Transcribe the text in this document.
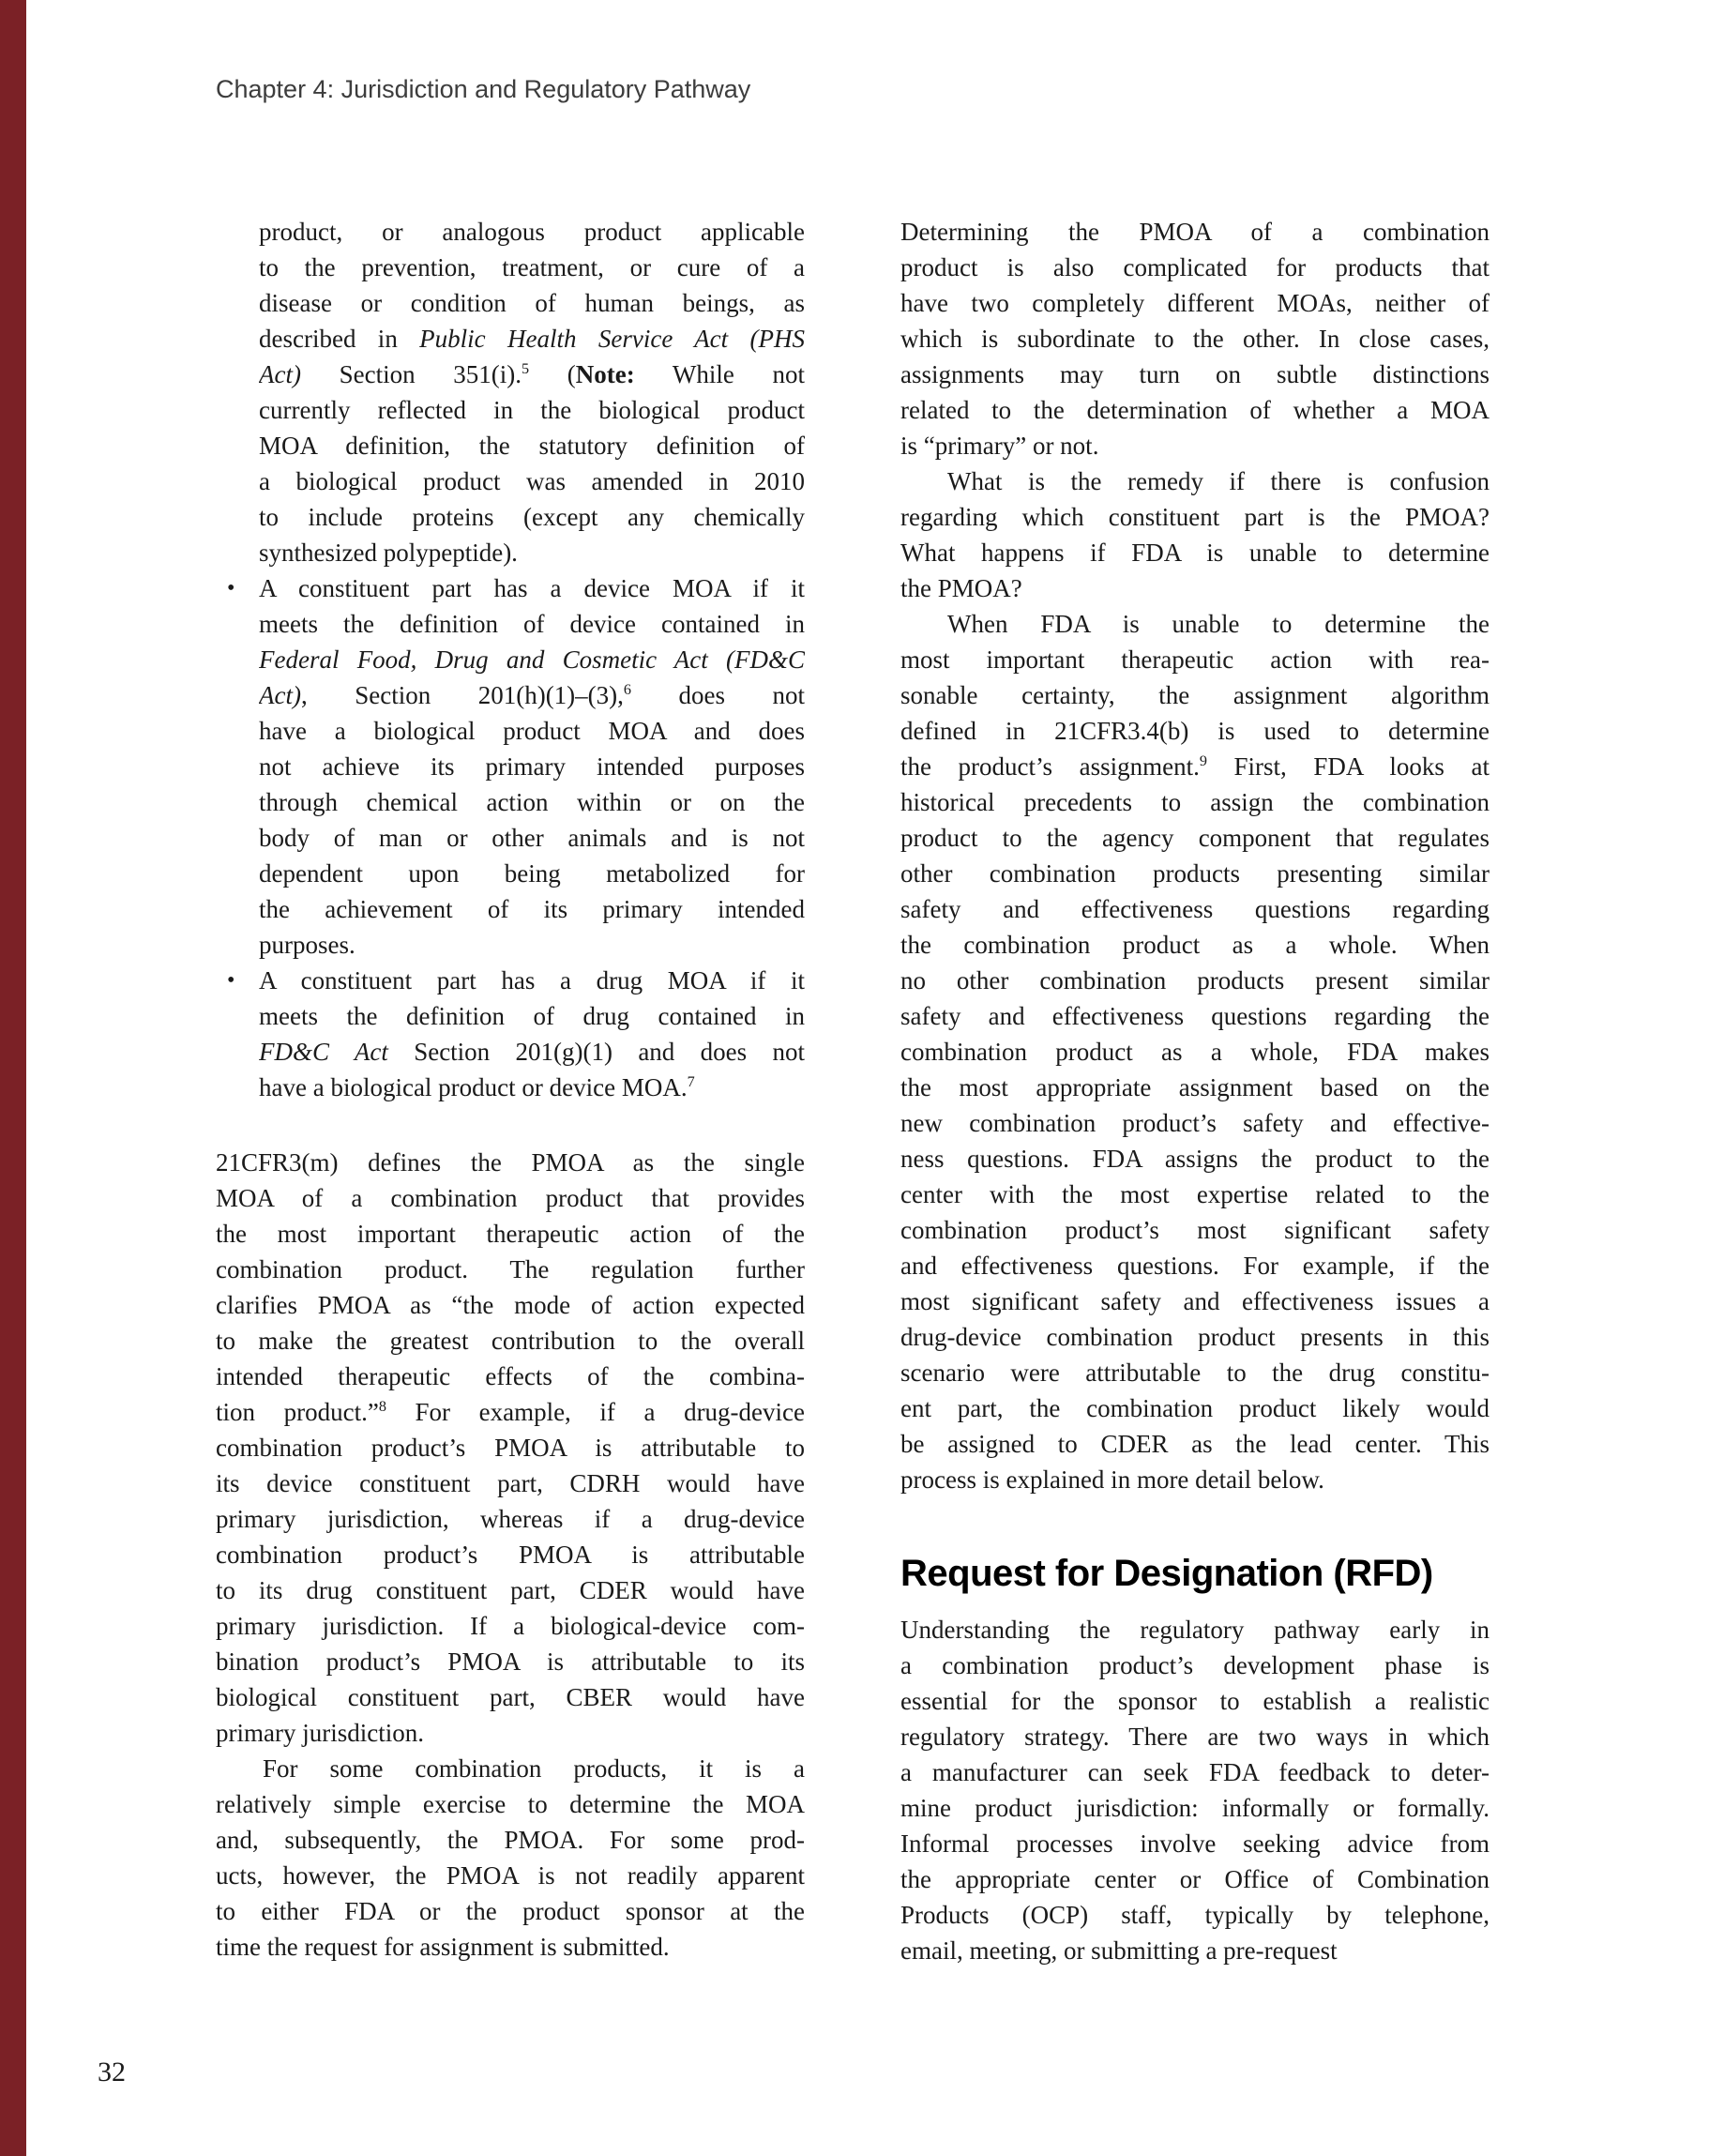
Chapter 4: Jurisdiction and Regulatory Pathway
product, or analogous product applicable
to the prevention, treatment, or cure of a
disease or condition of human beings, as
described in Public Health Service Act (PHS
Act) Section 351(i).$^5$ (Note: While not
currently reflected in the biological product
MOA definition, the statutory definition of
a biological product was amended in 2010
to include proteins (except any chemically
synthesized polypeptide).
• A constituent part has a device MOA if it
meets the definition of device contained in
Federal Food, Drug and Cosmetic Act (FD&C
Act), Section 201(h)(1)–(3),$^6$ does not
have a biological product MOA and does
not achieve its primary intended purposes
through chemical action within or on the
body of man or other animals and is not
dependent upon being metabolized for
the achievement of its primary intended
purposes.
• A constituent part has a drug MOA if it
meets the definition of drug contained in
FD&C Act Section 201(g)(1) and does not
have a biological product or device MOA.$^7$
21CFR3(m) defines the PMOA as the single
MOA of a combination product that provides
the most important therapeutic action of the
combination product. The regulation further
clarifies PMOA as “the mode of action expected
to make the greatest contribution to the overall
intended therapeutic effects of the combina-
tion product.”$^8$ For example, if a drug-device
combination product’s PMOA is attributable to
its device constituent part, CDRH would have
primary jurisdiction, whereas if a drug-device
combination product’s PMOA is attributable
to its drug constituent part, CDER would have
primary jurisdiction. If a biological-device com-
bination product’s PMOA is attributable to its
biological constituent part, CBER would have
primary jurisdiction.
For some combination products, it is a
relatively simple exercise to determine the MOA
and, subsequently, the PMOA. For some prod-
ucts, however, the PMOA is not readily apparent
to either FDA or the product sponsor at the
time the request for assignment is submitted.
Determining the PMOA of a combination
product is also complicated for products that
have two completely different MOAs, neither of
which is subordinate to the other. In close cases,
assignments may turn on subtle distinctions
related to the determination of whether a MOA
is “primary” or not.
What is the remedy if there is confusion
regarding which constituent part is the PMOA?
What happens if FDA is unable to determine
the PMOA?
When FDA is unable to determine the
most important therapeutic action with rea-
sonable certainty, the assignment algorithm
defined in 21CFR3.4(b) is used to determine
the product’s assignment.$^9$ First, FDA looks at
historical precedents to assign the combination
product to the agency component that regulates
other combination products presenting similar
safety and effectiveness questions regarding
the combination product as a whole. When
no other combination products present similar
safety and effectiveness questions regarding the
combination product as a whole, FDA makes
the most appropriate assignment based on the
new combination product’s safety and effective-
ness questions. FDA assigns the product to the
center with the most expertise related to the
combination product’s most significant safety
and effectiveness questions. For example, if the
most significant safety and effectiveness issues a
drug-device combination product presents in this
scenario were attributable to the drug constitu-
ent part, the combination product likely would
be assigned to CDER as the lead center. This
process is explained in more detail below.
Request for Designation (RFD)
Understanding the regulatory pathway early in
a combination product’s development phase is
essential for the sponsor to establish a realistic
regulatory strategy. There are two ways in which
a manufacturer can seek FDA feedback to deter-
mine product jurisdiction: informally or formally.
Informal processes involve seeking advice from
the appropriate center or Office of Combination
Products (OCP) staff, typically by telephone,
email, meeting, or submitting a pre-request
32
